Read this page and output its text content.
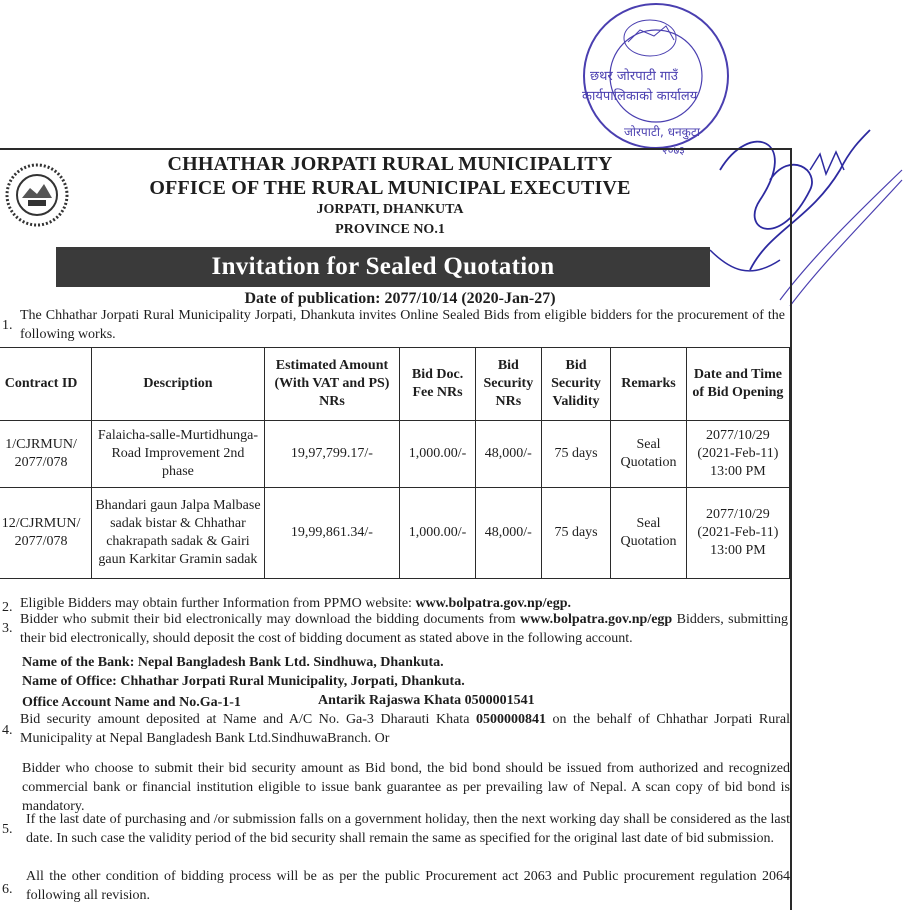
छथर जोरपाटी गाउँ
कार्यपालिकाको कार्यालय
जोरपाटी, धनकुटा
२०७३

CHHATHAR JORPATI RURAL MUNICIPALITY

OFFICE OF THE RURAL MUNICIPAL EXECUTIVE

JORPATI, DHANKUTA

PROVINCE NO.1

Invitation for Sealed Quotation
Date of publication: 2077/10/14 (2020-Jan-27)
1.
The Chhathar Jorpati Rural Municipality Jorpati, Dhankuta invites Online Sealed Bids from eligible bidders for the procurement of the following works.
Contract ID	Description	Estimated Amount (With VAT and PS) NRs	Bid Doc. Fee NRs	Bid Security NRs	Bid Security Validity	Remarks	Date and Time of Bid Opening
1/CJRMUN/ 2077/078	Falaicha-salle-Murtidhunga-Road Improvement 2nd phase	19,97,799.17/-	1,000.00/-	48,000/-	75 days	Seal Quotation	2077/10/29 (2021-Feb-11) 13:00 PM
12/CJRMUN/ 2077/078	Bhandari gaun Jalpa Malbase sadak bistar & Chhathar chakrapath sadak & Gairi gaun Karkitar Gramin sadak	19,99,861.34/-	1,000.00/-	48,000/-	75 days	Seal Quotation	2077/10/29 (2021-Feb-11) 13:00 PM
2. Eligible Bidders may obtain further Information from PPMO website: www.bolpatra.gov.np/egp.
3.
Bidder who submit their bid electronically may download the bidding documents from www.bolpatra.gov.np/egp Bidders, submitting their bid electronically, should deposit the cost of bidding document as stated above in the following account.
Name of the Bank: Nepal Bangladesh Bank Ltd. Sindhuwa, Dhankuta.
Name of Office: Chhathar Jorpati Rural Municipality, Jorpati, Dhankuta.
Office Account Name and No.Ga-1-1	Antarik Rajaswa Khata 0500001541
4.
Bid security amount deposited at Name and A/C No. Ga-3 Dharauti Khata 0500000841 on the behalf of Chhathar Jorpati Rural Municipality at Nepal Bangladesh Bank Ltd.SindhuwaBranch. Or
Bidder who choose to submit their bid security amount as Bid bond, the bid bond should be issued from authorized and recognized commercial bank or financial institution eligible to issue bank guarantee as per prevailing law of Nepal. A scan copy of bid bond is mandatory.
5.
If the last date of purchasing and /or submission falls on a government holiday, then the next working day shall be considered as the last date. In such case the validity period of the bid security shall remain the same as specified for the original last date of bid submission.
6.
All the other condition of bidding process will be as per the public Procurement act 2063 and Public procurement regulation 2064 following all revision.
